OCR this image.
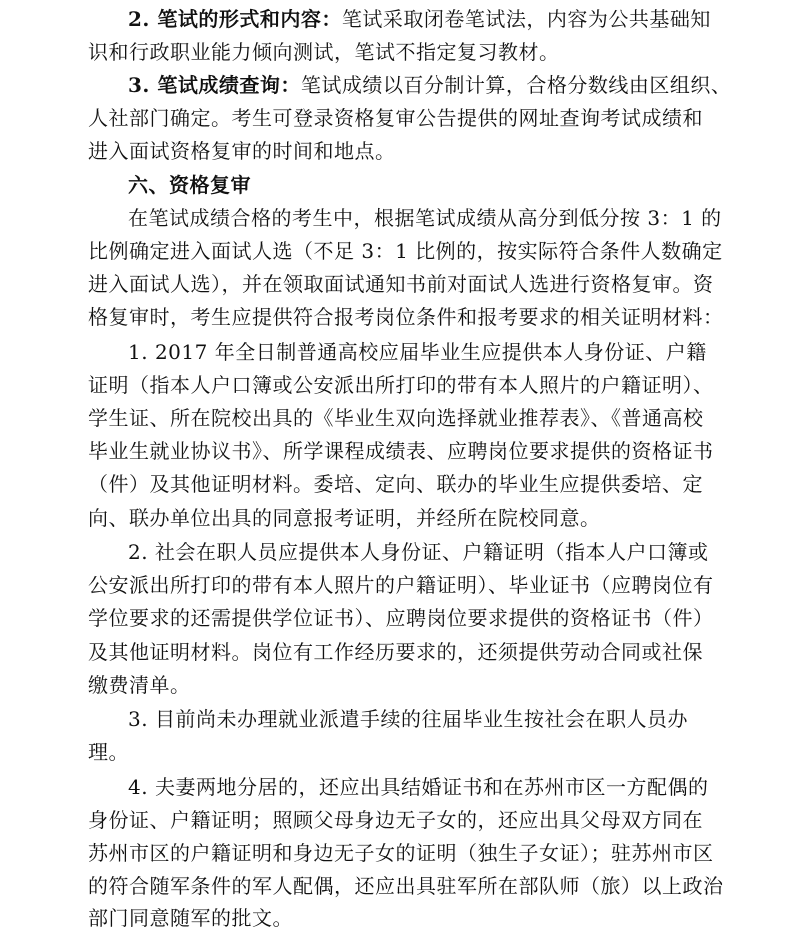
2. 笔试的形式和内容：笔试采取闭卷笔试法，内容为公共基础知
识和行政职业能力倾向测试，笔试不指定复习教材。
3. 笔试成绩查询：笔试成绩以百分制计算，合格分数线由区组织、
人社部门确定。考生可登录资格复审公告提供的网址查询考试成绩和
进入面试资格复审的时间和地点。
六、资格复审
在笔试成绩合格的考生中，根据笔试成绩从高分到低分按 3：1 的
比例确定进入面试人选（不足 3：1 比例的，按实际符合条件人数确定
进入面试人选），并在领取面试通知书前对面试人选进行资格复审。资
格复审时，考生应提供符合报考岗位条件和报考要求的相关证明材料：
1. 2017 年全日制普通高校应届毕业生应提供本人身份证、户籍
证明（指本人户口簿或公安派出所打印的带有本人照片的户籍证明）、
学生证、所在院校出具的《毕业生双向选择就业推荐表》、《普通高校
毕业生就业协议书》、所学课程成绩表、应聘岗位要求提供的资格证书
（件）及其他证明材料。委培、定向、联办的毕业生应提供委培、定
向、联办单位出具的同意报考证明，并经所在院校同意。
2. 社会在职人员应提供本人身份证、户籍证明（指本人户口簿或
公安派出所打印的带有本人照片的户籍证明）、毕业证书（应聘岗位有
学位要求的还需提供学位证书）、应聘岗位要求提供的资格证书（件）
及其他证明材料。岗位有工作经历要求的，还须提供劳动合同或社保
缴费清单。
3. 目前尚未办理就业派遣手续的往届毕业生按社会在职人员办
理。
4. 夫妻两地分居的，还应出具结婚证书和在苏州市区一方配偶的
身份证、户籍证明；照顾父母身边无子女的，还应出具父母双方同在
苏州市区的户籍证明和身边无子女的证明（独生子女证）；驻苏州市区
的符合随军条件的军人配偶，还应出具驻军所在部队师（旅）以上政治
部门同意随军的批文。
